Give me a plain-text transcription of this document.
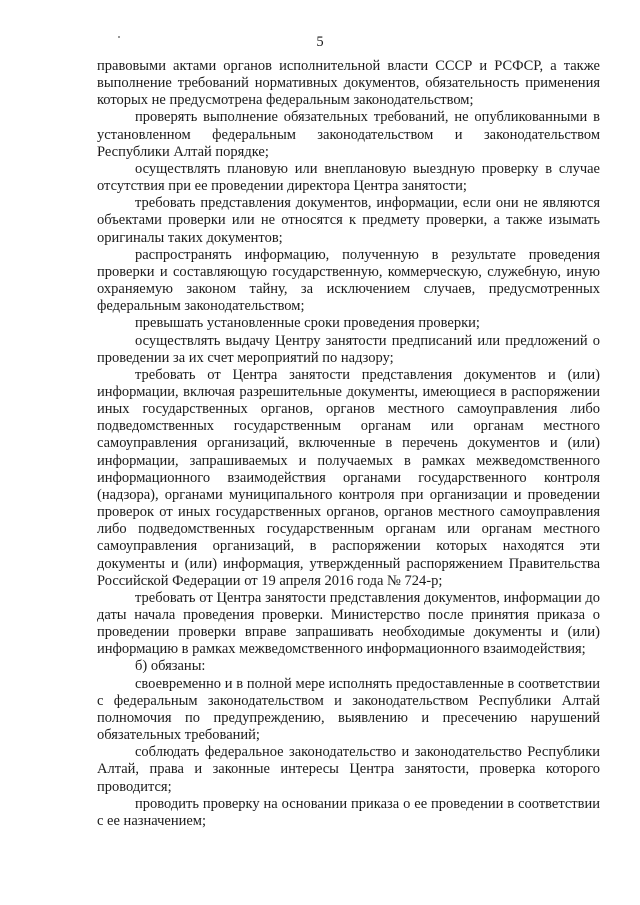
5

правовыми актами органов исполнительной власти СССР и РСФСР, а также выполнение требований нормативных документов, обязательность применения которых не предусмотрена федеральным законодательством;

проверять выполнение обязательных требований, не опубликованными в установленном федеральным законодательством и законодательством Республики Алтай порядке;

осуществлять плановую или внеплановую выездную проверку в случае отсутствия при ее проведении директора Центра занятости;

требовать представления документов, информации, если они не являются объектами проверки или не относятся к предмету проверки, а также изымать оригиналы таких документов;

распространять информацию, полученную в результате проведения проверки и составляющую государственную, коммерческую, служебную, иную охраняемую законом тайну, за исключением случаев, предусмотренных федеральным законодательством;

превышать установленные сроки проведения проверки;

осуществлять выдачу Центру занятости предписаний или предложений о проведении за их счет мероприятий по надзору;

требовать от Центра занятости представления документов и (или) информации, включая разрешительные документы, имеющиеся в распоряжении иных государственных органов, органов местного самоуправления либо подведомственных государственным органам или органам местного самоуправления организаций, включенные в перечень документов и (или) информации, запрашиваемых и получаемых в рамках межведомственного информационного взаимодействия органами государственного контроля (надзора), органами муниципального контроля при организации и проведении проверок от иных государственных органов, органов местного самоуправления либо подведомственных государственным органам или органам местного самоуправления организаций, в распоряжении которых находятся эти документы и (или) информация, утвержденный распоряжением Правительства Российской Федерации от 19 апреля 2016 года № 724-р;

требовать от Центра занятости представления документов, информации до даты начала проведения проверки. Министерство после принятия приказа о проведении проверки вправе запрашивать необходимые документы и (или) информацию в рамках межведомственного информационного взаимодействия;

б) обязаны:

своевременно и в полной мере исполнять предоставленные в соответствии с федеральным законодательством и законодательством Республики Алтай полномочия по предупреждению, выявлению и пресечению нарушений обязательных требований;

соблюдать федеральное законодательство и законодательство Республики Алтай, права и законные интересы Центра занятости, проверка которого проводится;

проводить проверку на основании приказа о ее проведении в соответствии с ее назначением;
